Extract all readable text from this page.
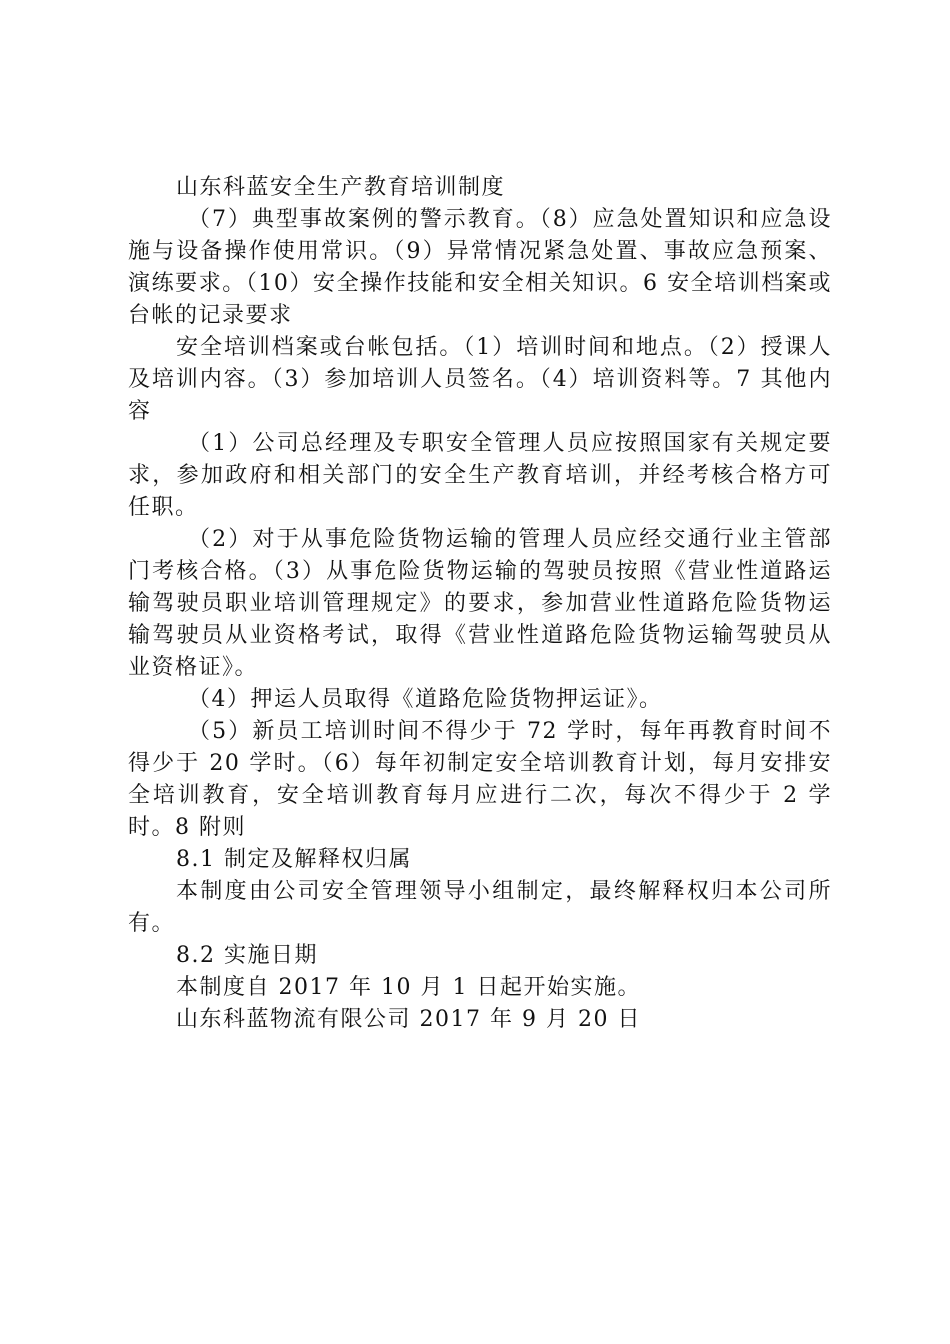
山东科蓝安全生产教育培训制度

（7）典型事故案例的警示教育。（8）应急处置知识和应急设施与设备操作使用常识。（9）异常情况紧急处置、事故应急预案、演练要求。（10）安全操作技能和安全相关知识。6 安全培训档案或台帐的记录要求

安全培训档案或台帐包括。（1）培训时间和地点。（2）授课人及培训内容。（3）参加培训人员签名。（4）培训资料等。7 其他内容

（1）公司总经理及专职安全管理人员应按照国家有关规定要求，参加政府和相关部门的安全生产教育培训，并经考核合格方可任职。

（2）对于从事危险货物运输的管理人员应经交通行业主管部门考核合格。（3）从事危险货物运输的驾驶员按照《营业性道路运输驾驶员职业培训管理规定》的要求，参加营业性道路危险货物运输驾驶员从业资格考试，取得《营业性道路危险货物运输驾驶员从业资格证》。

（4）押运人员取得《道路危险货物押运证》。

（5）新员工培训时间不得少于 72 学时，每年再教育时间不得少于 20 学时。（6）每年初制定安全培训教育计划，每月安排安全培训教育，安全培训教育每月应进行二次，每次不得少于 2 学时。8 附则

8.1 制定及解释权归属

本制度由公司安全管理领导小组制定，最终解释权归本公司所有。

8.2 实施日期

本制度自 2017 年 10 月 1 日起开始实施。

山东科蓝物流有限公司 2017 年 9 月 20 日
